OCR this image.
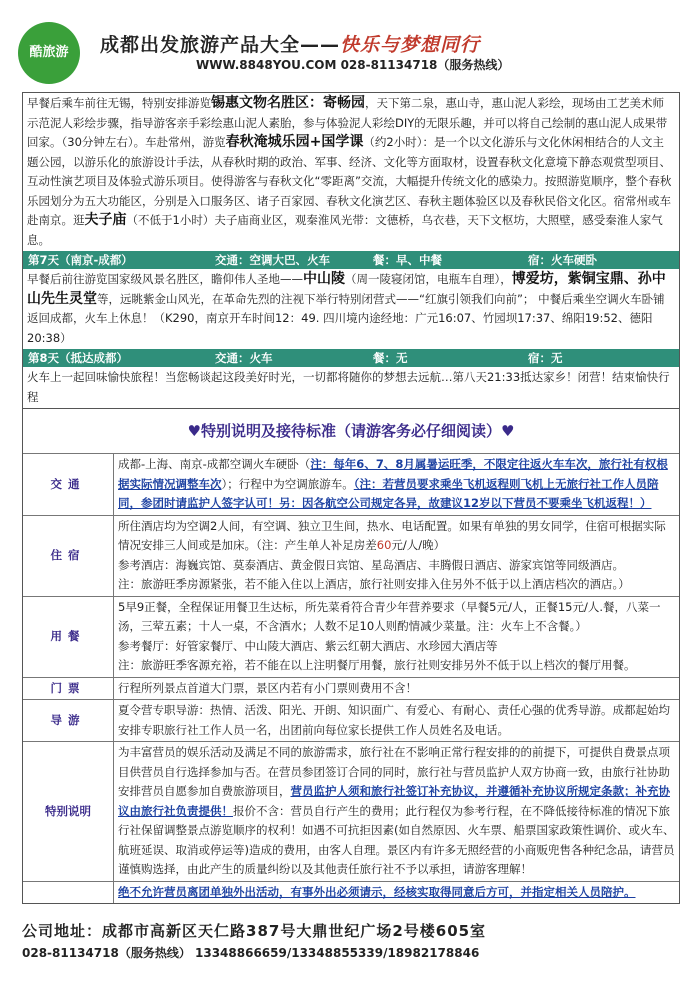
酷旅游	成都出发旅游产品大全——快乐与梦想同行
WWW.8848YOU.COM 028-81134718（服务热线）
早餐后乘车前往无锡，特别安排游览锡惠文物名胜区：寄畅园，天下第二泉，惠山寺，惠山泥人彩绘，现场由工艺美术师示范泥人彩绘步骤，指导游客亲手彩绘惠山泥人素胎，参与体验泥人彩绘DIY的无限乐趣，并可以将自己绘制的惠山泥人成果带回家。（30分钟左右）。车赴常州，游览春秋淹城乐园+国学课（约2小时）：是一个以文化游乐与文化休闲相结合的人文主题公园，以游乐化的旅游设计手法，从春秋时期的政治、军事、经济、文化等方面取材，设置春秋文化意境下静态观赏型项目、互动性演艺项目及体验式游乐项目。使得游客与春秋文化“零距离”交流，大幅提升传统文化的感染力。按照游览顺序，整个春秋乐园划分为五大功能区，分别是入口服务区、诸子百家园、春秋文化演艺区、春秋主题体验区以及春秋民俗文化区。宿常州或车赴南京。逛夫子庙（不低于1小时）夫子庙商业区，观秦淮风光带：文德桥，乌衣巷，天下文枢坊，大照壁，感受秦淮人家气息。
第7天（南京-成都）	交通：空调大巴、火车	餐：早、中餐	宿：火车硬卧
早餐后前往游览国家级风景名胜区，瞻仰伟人圣地——中山陵（周一陵寝闭馆，电瓶车自理），博爱坊，紫铜宝鼎、孙中山先生灵堂等，远眺紫金山风光，在革命先烈的注视下举行特别闭营式——“红旗引领我们向前”； 中餐后乘坐空调火车卧铺返回成都，火车上休息！（K290，南京开车时间12：49. 四川境内途经地：广元16:07、竹园坝17:37、绵阳19:52、德阳20:38）
第8天（抵达成都）	交通：火车	餐：无	宿：无
火车上一起回味愉快旅程！当您畅谈起这段美好时光，一切都将随你的梦想去远航…第八天21:33抵达家乡！闭营！结束愉快行程
♥特别说明及接待标准（请游客务必仔细阅读）♥
交通	成都-上海、南京-成都空调火车硬卧（注：每年6、7、8月属暑运旺季，不限定往返火车车次，旅行社有权根据实际情况调整车次）；行程中为空调旅游车。（注：若营员要求乘坐飞机返程则飞机上无旅行社工作人员陪同，参团时请监护人签字认可！另：因各航空公司规定各异，故建议12岁以下营员不要乘坐飞机返程！）
住宿	所住酒店均为空调2人间，有空调、独立卫生间，热水、电话配置。如果有单独的男女同学，住宿可根据实际情况安排三人间或是加床。（注：产生单人补足房差60元/人/晚）
参考酒店：海巍宾馆、莫泰酒店、黄金假日宾馆、星岛酒店、丰腾假日酒店、游家宾馆等同级酒店。
注：旅游旺季房源紧张，若不能入住以上酒店，旅行社则安排入住另外不低于以上酒店档次的酒店。）
用餐	5早9正餐，全程保证用餐卫生达标，所先菜肴符合青少年营养要求（早餐5元/人，正餐15元/人.餐，八菜一汤，三荤五素；十人一桌，不含酒水；人数不足10人则酌情减少菜量。注：火车上不含餐。）
参考餐厅：好管家餐厅、中山陵大酒店、紫云红朝大酒店、水珍园大酒店等
注：旅游旺季客源充裕，若不能在以上注明餐厅用餐，旅行社则安排另外不低于以上档次的餐厅用餐。
门票	行程所列景点首道大门票，景区内若有小门票则费用不含！
导游	夏令营专职导游：热情、活泼、阳光、开朗、知识面广、有爱心、有耐心、责任心强的优秀导游。成都起始均安排专职旅行社工作人员一名，出团前向每位家长提供工作人员姓名及电话。
特别说明	为丰富营员的娱乐活动及满足不同的旅游需求，旅行社在不影响正常行程安排的的前提下，可提供自费景点项目供营员自行选择参加与否。在营员参团签订合同的同时，旅行社与营员监护人双方协商一致，由旅行社协助安排营员自愿参加自费旅游项目，营员监护人须和旅行社签订补充协议，并遵循补充协议所规定条款；补充协议由旅行社负责提供！报价不含：营员自行产生的费用；此行程仅为参考行程，在不降低接待标准的情况下旅行社保留调整景点游览顺序的权利！如遇不可抗拒因素(如自然原因、火车票、船票国家政策性调价、或火车、航班延误、取消或停运等)造成的费用，由客人自理。景区内有许多无照经营的小商贩兜售各种纪念品，请营员谨慎购选择，由此产生的质量纠纷以及其他责任旅行社不予以承担，请游客理解！
	绝不允许营员离团单独外出活动，有事外出必须请示，经核实取得同意后方可，并指定相关人员陪护。
公司地址：成都市高新区天仁路387号大鼎世纪广场2号楼605室
028-81134718（服务热线） 13348866659/13348855339/18982178846
